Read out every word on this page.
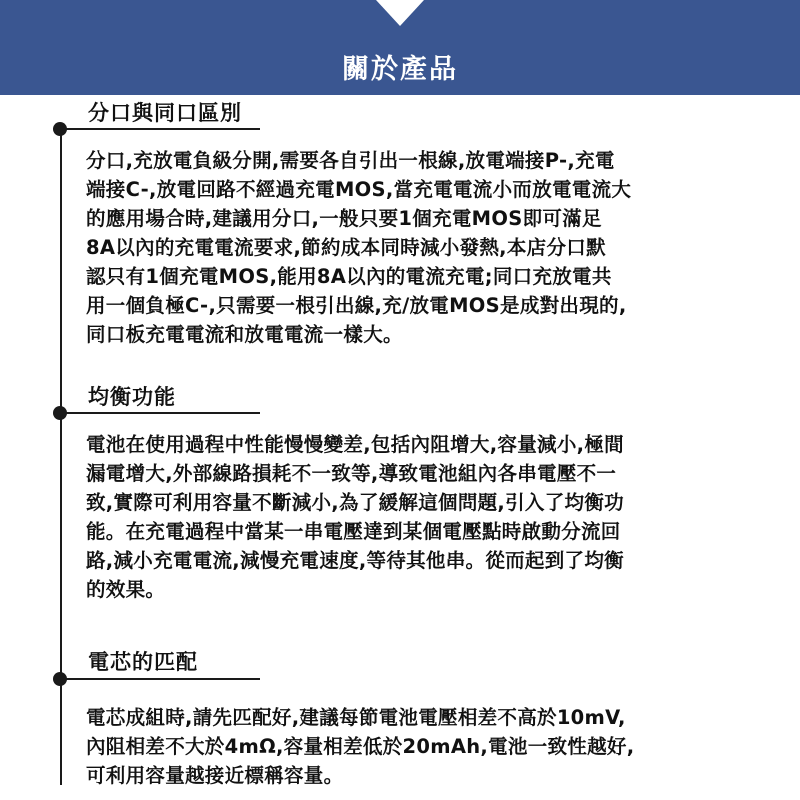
關於產品
分口與同口區別
分口,充放電負級分開,需要各自引出一根線,放電端接P-,充電
端接C-,放電回路不經過充電MOS,當充電電流小而放電電流大
的應用場合時,建議用分口,一般只要1個充電MOS即可滿足
8A以內的充電電流要求,節約成本同時減小發熱,本店分口默
認只有1個充電MOS,能用8A以內的電流充電;同口充放電共
用一個負極C-,只需要一根引出線,充/放電MOS是成對出現的,
同口板充電電流和放電電流一樣大。
均衡功能
電池在使用過程中性能慢慢變差,包括內阻增大,容量減小,極間
漏電增大,外部線路損耗不一致等,導致電池組內各串電壓不一
致,實際可利用容量不斷減小,為了緩解這個問題,引入了均衡功
能。在充電過程中當某一串電壓達到某個電壓點時啟動分流回
路,減小充電電流,減慢充電速度,等待其他串。從而起到了均衡
的效果。
電芯的匹配
電芯成組時,請先匹配好,建議每節電池電壓相差不高於10mV,
內阻相差不大於4mΩ,容量相差低於20mAh,電池一致性越好,
可利用容量越接近標稱容量。
